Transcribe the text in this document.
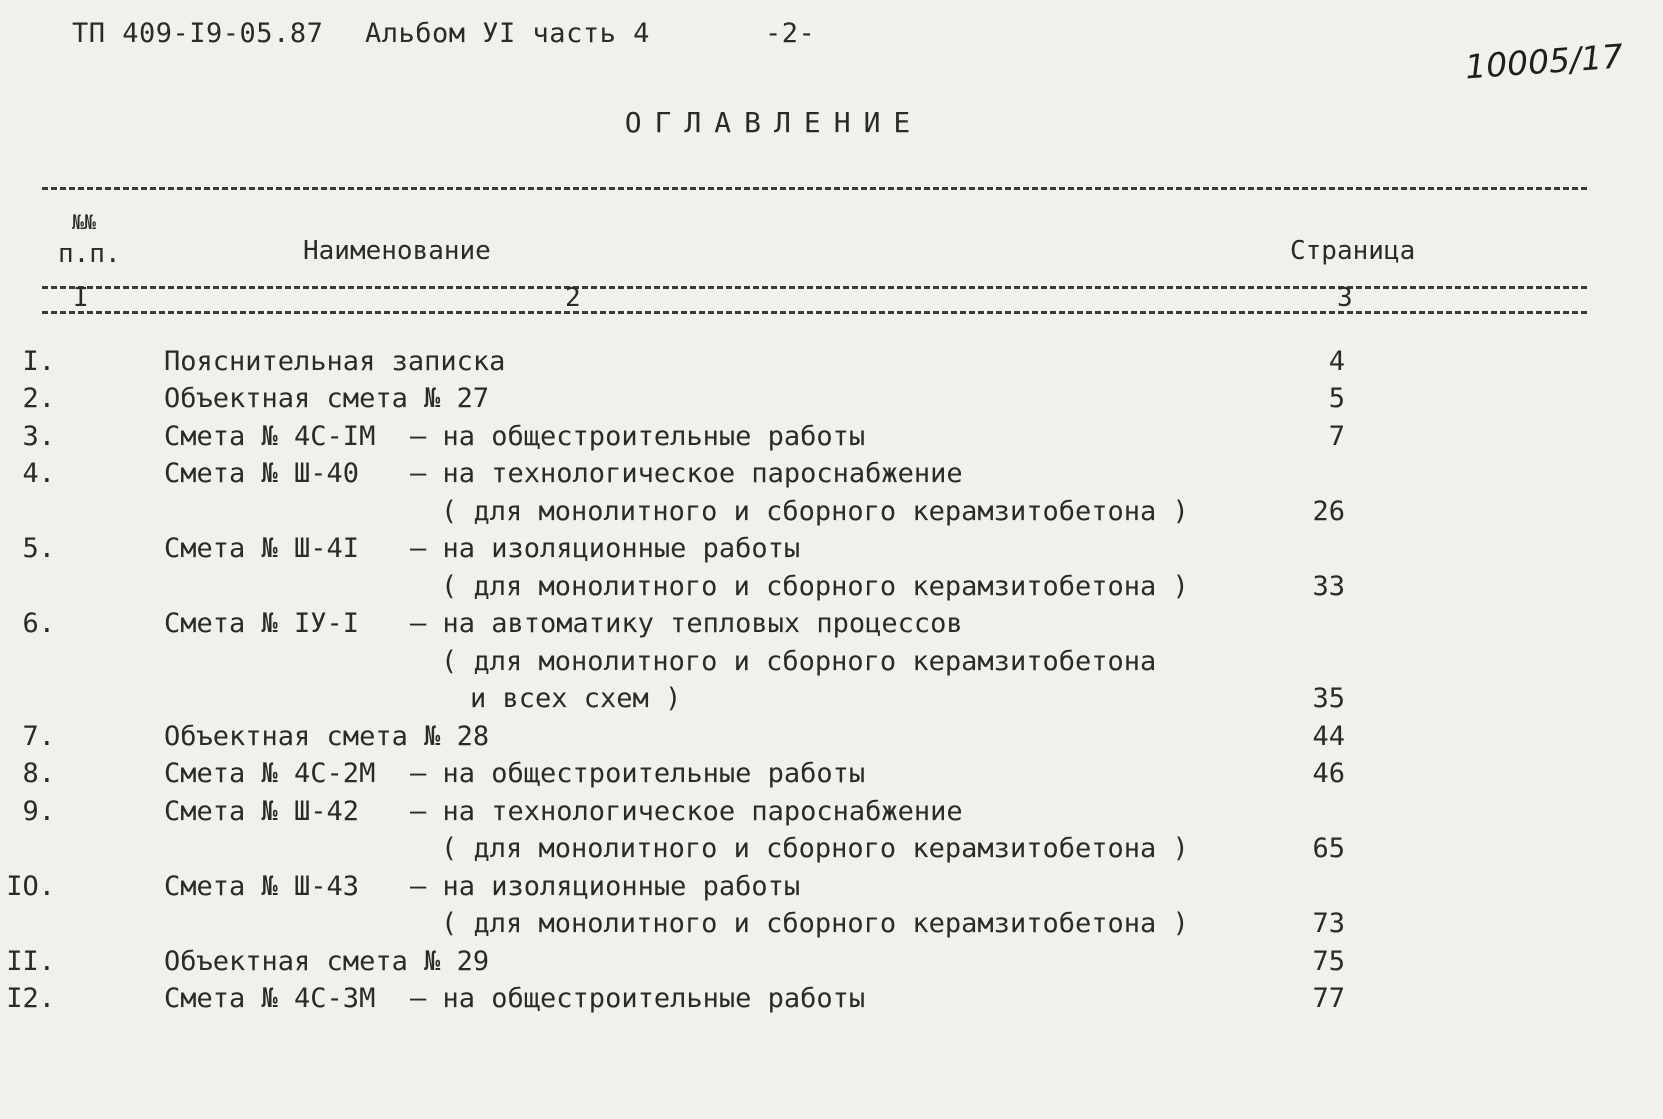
ТП 409-I9-05.87 Альбом УI часть 4	-2-
10005/17
ОГЛАВЛЕНИЕ
№№
п.п.	Наименование	Страница
I	2	3
I.	Пояснительная записка	4
2.	Объектная смета № 27	5
3.	Смета № 4С-IМ – на общестроительные работы	7
4.	Смета № Ш-40 – на технологическое пароснабжение
( для монолитного и сборного керамзитобетона )	26
5.	Смета № Ш-4I – на изоляционные работы
( для монолитного и сборного керамзитобетона )	33
6.	Смета № IУ-I – на автоматику тепловых процессов
( для монолитного и сборного керамзитобетона
и всех схем )	35
7.	Объектная смета № 28	44
8.	Смета № 4С-2М – на общестроительные работы	46
9.	Смета № Ш-42 – на технологическое пароснабжение
( для монолитного и сборного керамзитобетона )	65
IO.	Смета № Ш-43 – на изоляционные работы
( для монолитного и сборного керамзитобетона )	73
II.	Объектная смета № 29	75
I2.	Смета № 4С-3М – на общестроительные работы	77
